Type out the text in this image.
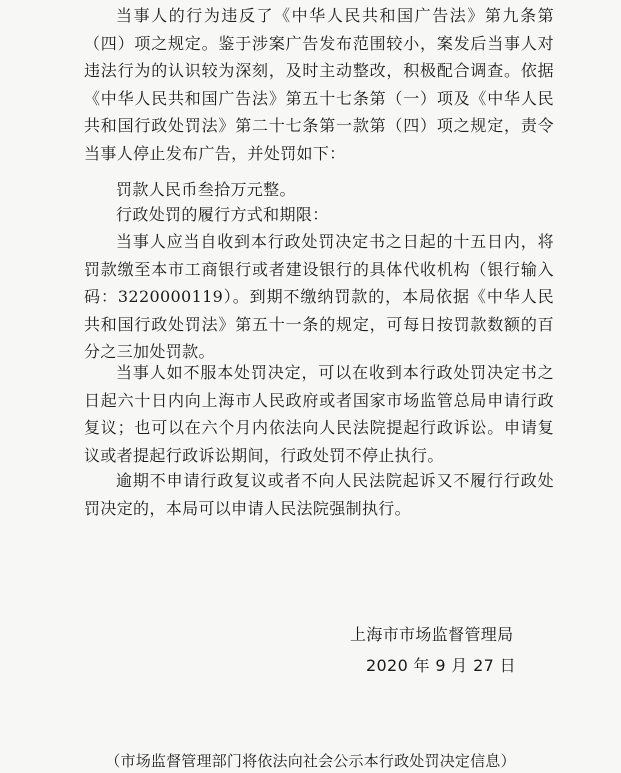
当事人的行为违反了《中华人民共和国广告法》第九条第（四）项之规定。鉴于涉案广告发布范围较小，案发后当事人对违法行为的认识较为深刻，及时主动整改，积极配合调查。依据《中华人民共和国广告法》第五十七条第（一）项及《中华人民共和国行政处罚法》第二十七条第一款第（四）项之规定，责令当事人停止发布广告，并处罚如下：

罚款人民币叁拾万元整。

行政处罚的履行方式和期限：

当事人应当自收到本行政处罚决定书之日起的十五日内，将罚款缴至本市工商银行或者建设银行的具体代收机构（银行输入码：3220000119）。到期不缴纳罚款的，本局依据《中华人民共和国行政处罚法》第五十一条的规定，可每日按罚款数额的百分之三加处罚款。

当事人如不服本处罚决定，可以在收到本行政处罚决定书之日起六十日内向上海市人民政府或者国家市场监管总局申请行政复议；也可以在六个月内依法向人民法院提起行政诉讼。申请复议或者提起行政诉讼期间，行政处罚不停止执行。

逾期不申请行政复议或者不向人民法院起诉又不履行行政处罚决定的，本局可以申请人民法院强制执行。

上海市市场监督管理局

2020 年 9 月 27 日

（市场监督管理部门将依法向社会公示本行政处罚决定信息）
